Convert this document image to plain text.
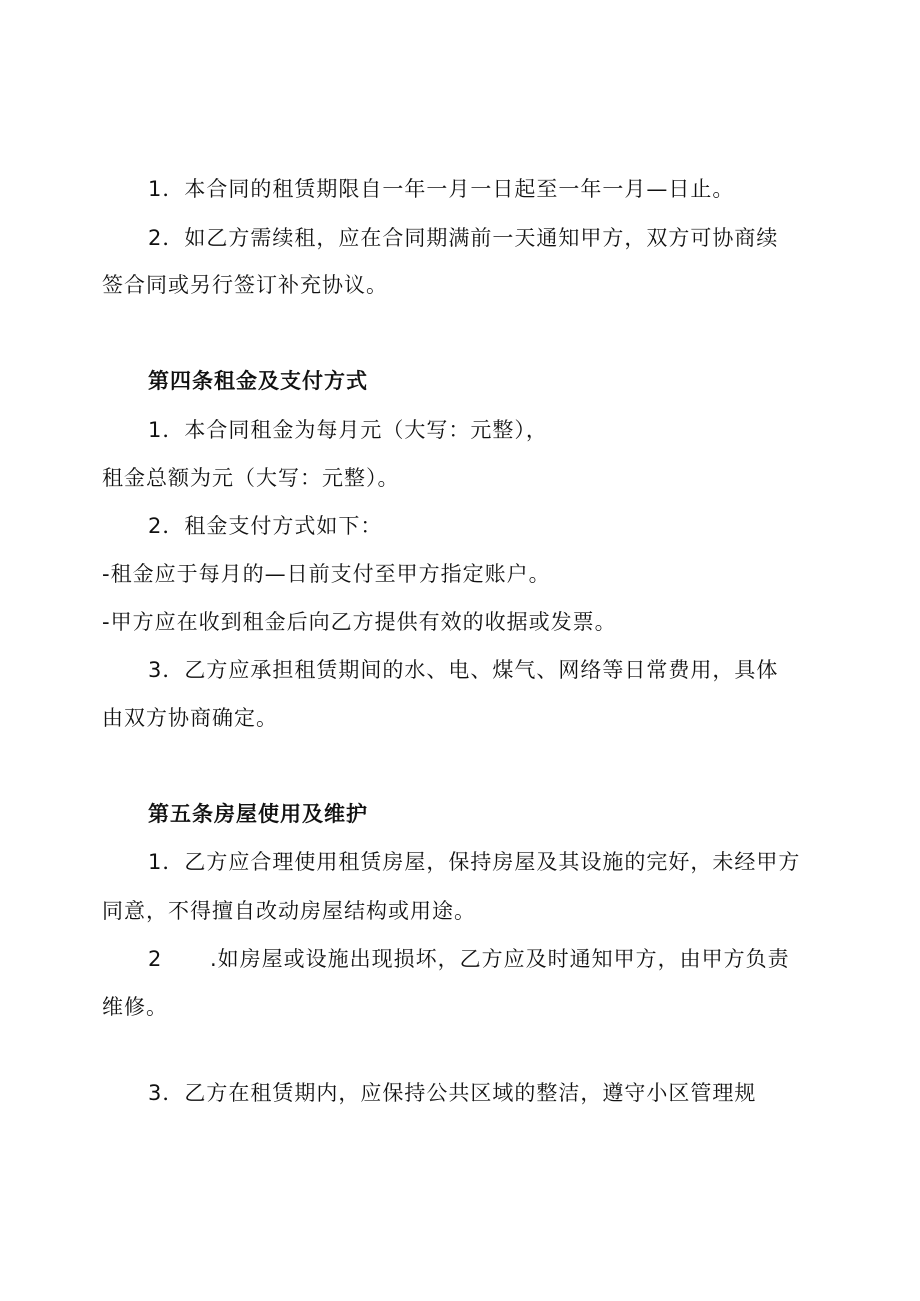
1．本合同的租赁期限自一年一月一日起至一年一月—日止。
2．如乙方需续租，应在合同期满前一天通知甲方，双方可协商续
签合同或另行签订补充协议。
第四条租金及支付方式
1．本合同租金为每月元（大写：元整），
租金总额为元（大写：元整）。
2．租金支付方式如下：
-租金应于每月的—日前支付至甲方指定账户。
-甲方应在收到租金后向乙方提供有效的收据或发票。
3．乙方应承担租赁期间的水、电、煤气、网络等日常费用，具体
由双方协商确定。
第五条房屋使用及维护
1．乙方应合理使用租赁房屋，保持房屋及其设施的完好，未经甲方
同意，不得擅自改动房屋结构或用途。
2 .如房屋或设施出现损坏，乙方应及时通知甲方，由甲方负责
维修。
3．乙方在租赁期内，应保持公共区域的整洁，遵守小区管理规
